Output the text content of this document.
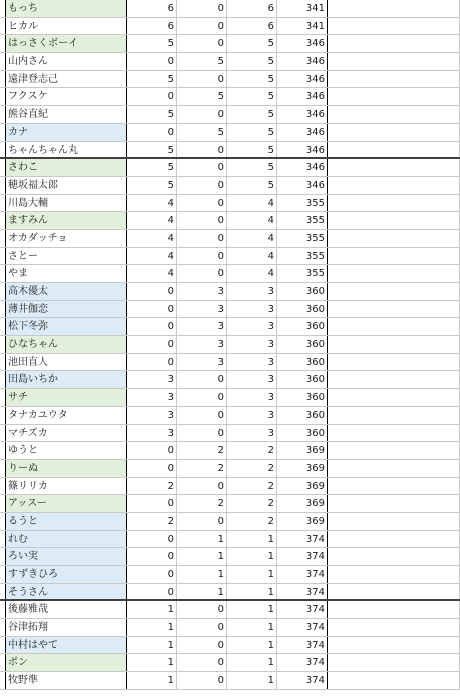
もっち	6	0	6	341
ヒカル	6	0	6	341
はっさくボーイ	5	0	5	346
山内さん	0	5	5	346
遠津登志己	5	0	5	346
フクスケ	0	5	5	346
熊谷直紀	5	0	5	346
カナ	0	5	5	346
ちゃんちゃん丸	5	0	5	346
さわこ	5	0	5	346
穂坂福太郎	5	0	5	346
川島大輔	4	0	4	355
ますみん	4	0	4	355
オカダッチョ	4	0	4	355
さとー	4	0	4	355
やま	4	0	4	355
高木優太	0	3	3	360
薄井伽恋	0	3	3	360
松下冬弥	0	3	3	360
ひなちゃん	0	3	3	360
池田直人	0	3	3	360
田島いちか	3	0	3	360
サチ	3	0	3	360
タナカユウタ	3	0	3	360
マチズカ	3	0	3	360
ゆうと	0	2	2	369
りーぬ	0	2	2	369
篠リリカ	2	0	2	369
アッスー	0	2	2	369
るうと	2	0	2	369
れむ	0	1	1	374
ろい実	0	1	1	374
すずきひろ	0	1	1	374
そうさん	0	1	1	374
後藤雅哉	1	0	1	374
谷津拓翔	1	0	1	374
中村はやて	1	0	1	374
ポン	1	0	1	374
牧野準	1	0	1	374
